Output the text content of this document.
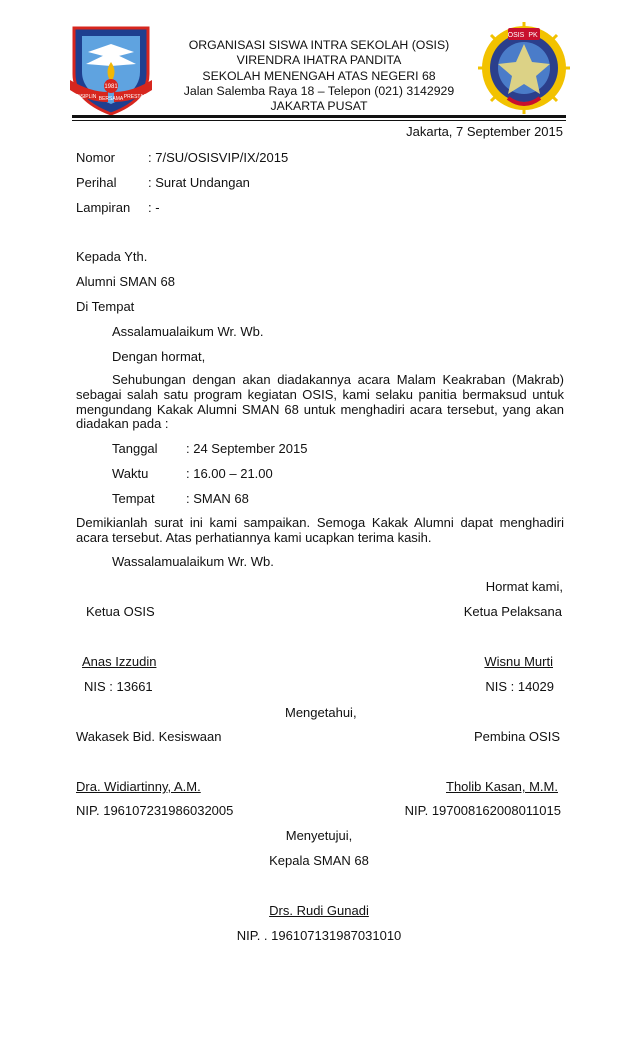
1981
DISIPLIN	PRESTASI
BERSAMA
ORGANISASI SISWA INTRA SEKOLAH (OSIS)
VIRENDRA IHATRA PANDITA
SEKOLAH MENENGAH ATAS NEGERI 68
Jalan Salemba Raya 18 – Telepon (021) 3142929
JAKARTA PUSAT
OSIS PK
Jakarta, 7 September 2015
Nomor	: 7/SU/OSISVIP/IX/2015
Perihal : Surat Undangan
Lampiran : -
Kepada Yth.
Alumni SMAN 68
Di Tempat
Assalamualaikum Wr. Wb.
Dengan hormat,
Sehubungan dengan akan diadakannya acara Malam Keakraban (Makrab) sebagai salah satu program kegiatan OSIS, kami selaku panitia bermaksud untuk mengundang Kakak Alumni SMAN 68 untuk menghadiri acara tersebut, yang akan diadakan pada :
Tanggal : 24 September 2015
Waktu	: 16.00 – 21.00
Tempat : SMAN 68
Demikianlah surat ini kami sampaikan. Semoga Kakak Alumni dapat menghadiri acara tersebut. Atas perhatiannya kami ucapkan terima kasih.
Wassalamualaikum Wr. Wb.
Hormat kami,
Ketua OSIS	Ketua Pelaksana
Anas Izzudin	Wisnu Murti
NIS : 13661	NIS : 14029
Mengetahui,
Wakasek Bid. Kesiswaan	Pembina OSIS
Dra. Widiartinny, A.M.	Tholib Kasan, M.M.
NIP. 196107231986032005	NIP. 197008162008011015
Menyetujui,
Kepala SMAN 68
Drs. Rudi Gunadi
NIP. . 196107131987031010
